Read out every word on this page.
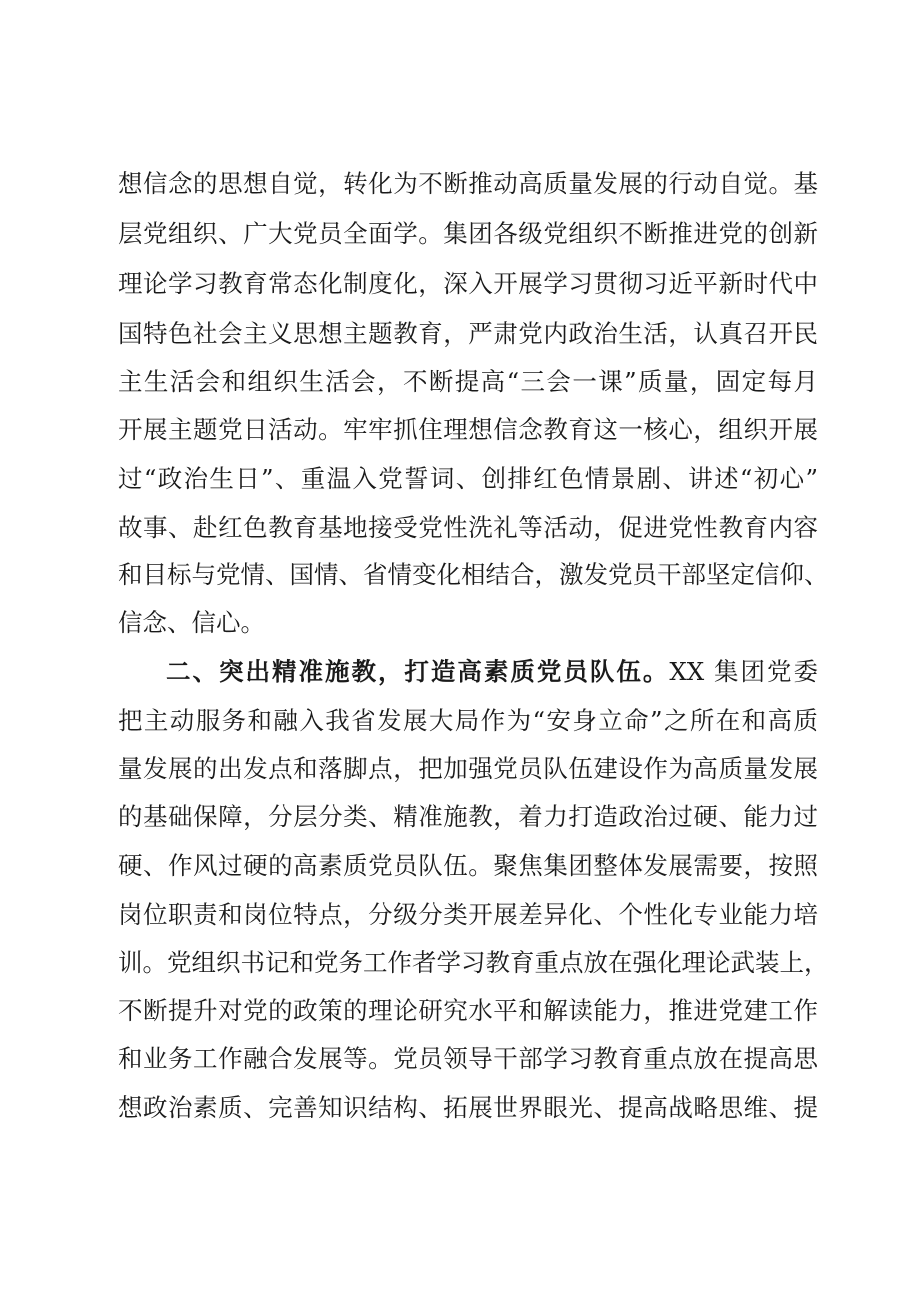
想信念的思想自觉，转化为不断推动高质量发展的行动自觉。基
层党组织、广大党员全面学。集团各级党组织不断推进党的创新
理论学习教育常态化制度化，深入开展学习贯彻习近平新时代中
国特色社会主义思想主题教育，严肃党内政治生活，认真召开民
主生活会和组织生活会，不断提高“三会一课”质量，固定每月
开展主题党日活动。牢牢抓住理想信念教育这一核心，组织开展
过“政治生日”、重温入党誓词、创排红色情景剧、讲述“初心”
故事、赴红色教育基地接受党性洗礼等活动，促进党性教育内容
和目标与党情、国情、省情变化相结合，激发党员干部坚定信仰、
信念、信心。
二、突出精准施教，打造高素质党员队伍。XX 集团党委
把主动服务和融入我省发展大局作为“安身立命”之所在和高质
量发展的出发点和落脚点，把加强党员队伍建设作为高质量发展
的基础保障，分层分类、精准施教，着力打造政治过硬、能力过
硬、作风过硬的高素质党员队伍。聚焦集团整体发展需要，按照
岗位职责和岗位特点，分级分类开展差异化、个性化专业能力培
训。党组织书记和党务工作者学习教育重点放在强化理论武装上，
不断提升对党的政策的理论研究水平和解读能力，推进党建工作
和业务工作融合发展等。党员领导干部学习教育重点放在提高思
想政治素质、完善知识结构、拓展世界眼光、提高战略思维、提
